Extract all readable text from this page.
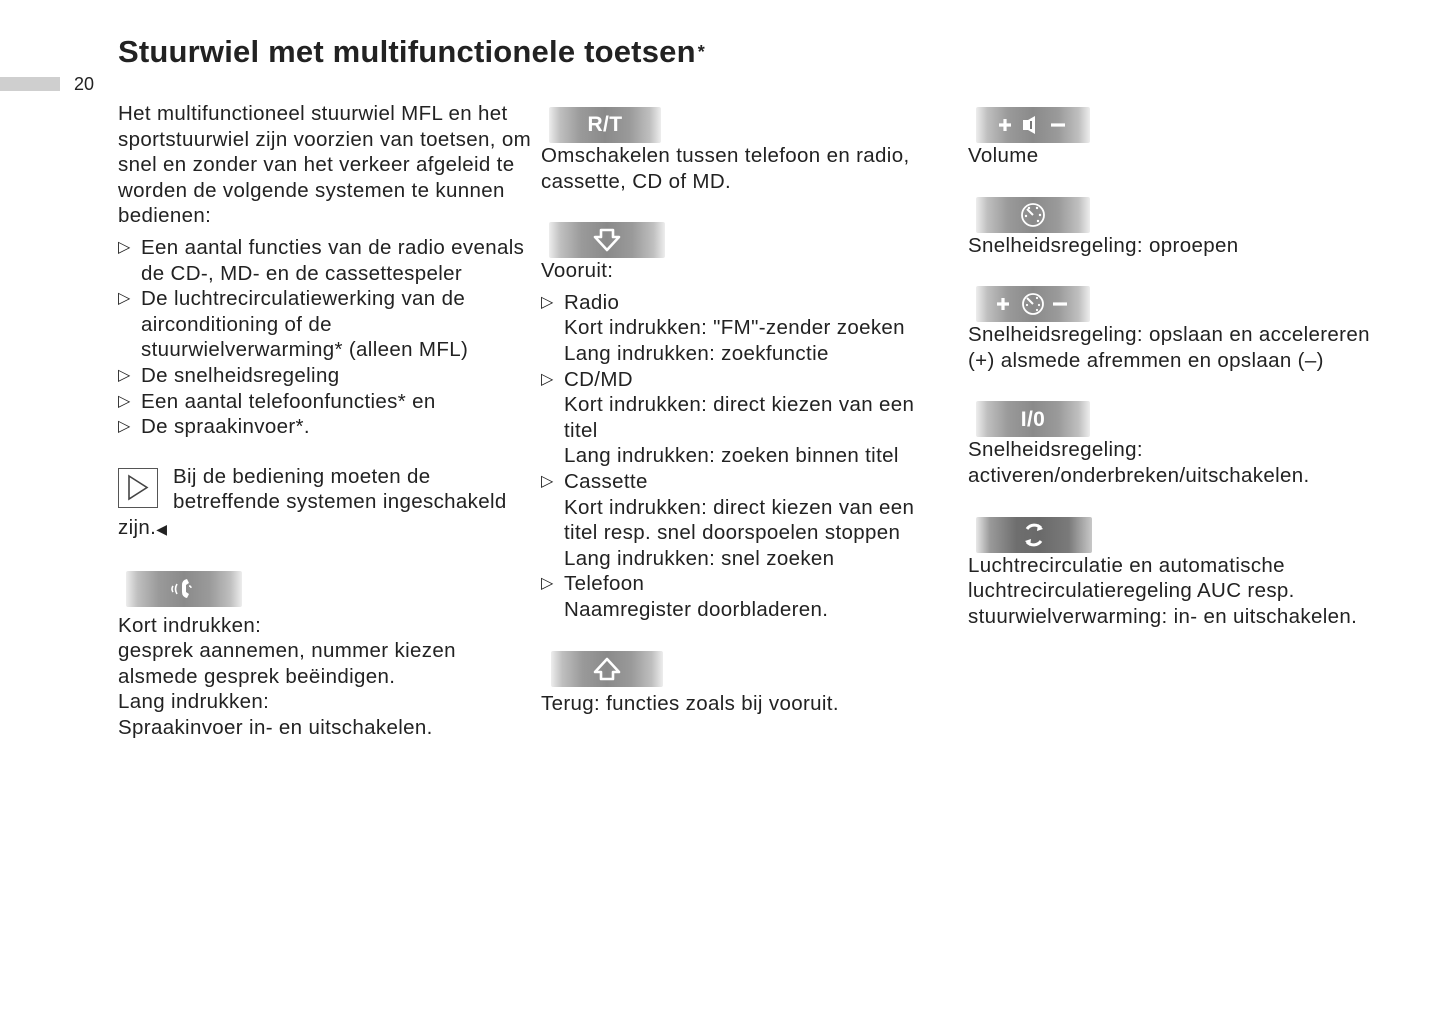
20
Stuurwiel met multifunctionele toetsen *

Het multifunctioneel stuurwiel MFL en het sportstuurwiel zijn voorzien van toetsen, om snel en zonder van het verkeer afgeleid te worden de volgende systemen te kunnen bedienen:

▷ Een aantal functies van de radio evenals de CD-, MD- en de cassettespeler
▷ De luchtrecirculatiewerking van de airconditioning of de stuurwielverwarming* (alleen MFL)
▷ De snelheidsregeling
▷ Een aantal telefoonfuncties* en
▷ De spraakinvoer*.

Bij de bediening moeten de betreffende systemen ingeschakeld

zijn.◀

Kort indrukken:

gesprek aannemen, nummer kiezen alsmede gesprek beëindigen.

Lang indrukken:

Spraakinvoer in- en uitschakelen.

R/T

Omschakelen tussen telefoon en radio, cassette, CD of MD.

Vooruit:

▷ Radio
Kort indrukken: "FM"-zender zoeken
Lang indrukken: zoekfunctie
▷ CD/MD
Kort indrukken: direct kiezen van een titel
Lang indrukken: zoeken binnen titel
▷ Cassette
Kort indrukken: direct kiezen van een titel resp. snel doorspoelen stoppen
Lang indrukken: snel zoeken
▷ Telefoon
Naamregister doorbladeren.

Terug: functies zoals bij vooruit.

Volume

Snelheidsregeling: oproepen

Snelheidsregeling: opslaan en accelereren (+) alsmede afremmen en opslaan (–)

I/0

Snelheidsregeling: activeren/onderbreken/uitschakelen.

Luchtrecirculatie en automatische luchtrecirculatieregeling AUC resp. stuurwielverwarming: in- en uitschakelen.
